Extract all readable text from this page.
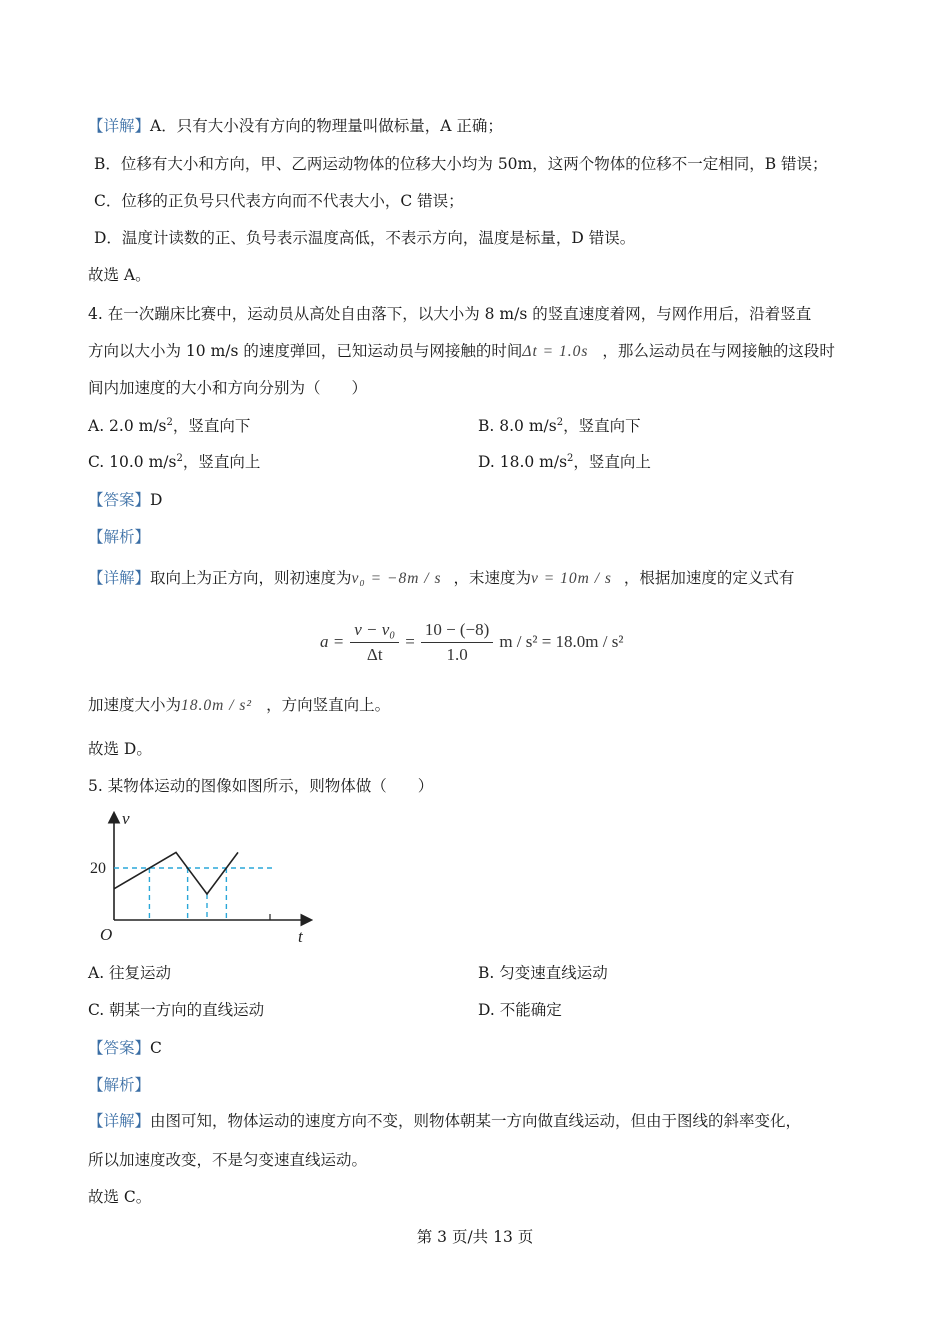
【详解】A．只有大小没有方向的物理量叫做标量，A 正确；
B．位移有大小和方向，甲、乙两运动物体的位移大小均为 50m，这两个物体的位移不一定相同，B 错误；
C．位移的正负号只代表方向而不代表大小，C 错误；
D．温度计读数的正、负号表示温度高低，不表示方向，温度是标量，D 错误。
故选 A。
4. 在一次蹦床比赛中，运动员从高处自由落下，以大小为 8 m/s 的竖直速度着网，与网作用后，沿着竖直
方向以大小为 10 m/s 的速度弹回，已知运动员与网接触的时间Δt = 1.0s ，那么运动员在与网接触的这段时
间内加速度的大小和方向分别为（　　）
A. 2.0 $m/s^2$，竖直向下	B. 8.0 $m/s^2$，竖直向下
C. 10.0 $m/s^2$，竖直向上	D. 18.0 $m/s^2$，竖直向上
【答案】D
【解析】
【详解】取向上为正方向，则初速度为v₀ = −8m / s ，末速度为v = 10m / s ，根据加速度的定义式有
$a = \frac{\text{v − v₀}}{\Delta t} = \frac{10 - (-8)}{1.0}$ m / s² = 18.0m / s²
加速度大小为18.0m / s² ，方向竖直向上。
故选 D。
5. 某物体运动的图像如图所示，则物体做（　　）
v
t
O
20
A. 往复运动	B. 匀变速直线运动
C. 朝某一方向的直线运动	D. 不能确定
【答案】C
【解析】
【详解】由图可知，物体运动的速度方向不变，则物体朝某一方向做直线运动，但由于图线的斜率变化，
所以加速度改变，不是匀变速直线运动。
故选 C。
第 3 页/共 13 页
